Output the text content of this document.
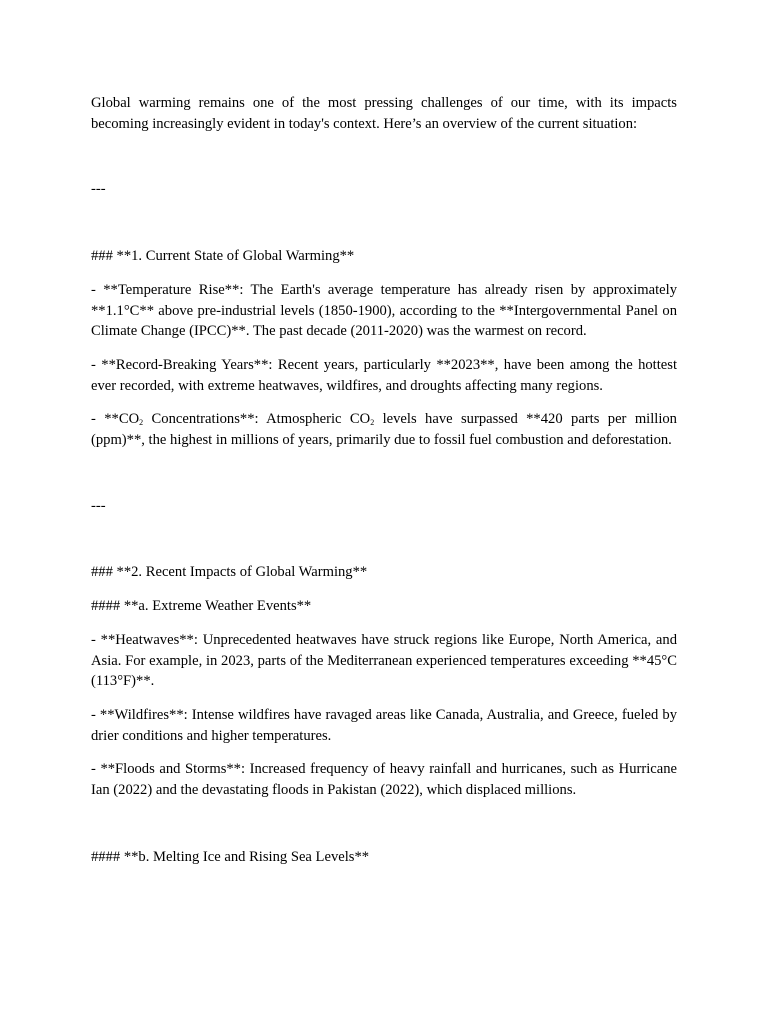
Global warming remains one of the most pressing challenges of our time, with its impacts becoming increasingly evident in today's context. Here’s an overview of the current situation:

---

### **1. Current State of Global Warming**

- **Temperature Rise**: The Earth's average temperature has already risen by approximately **1.1°C** above pre-industrial levels (1850-1900), according to the **Intergovernmental Panel on Climate Change (IPCC)**. The past decade (2011-2020) was the warmest on record.

- **Record-Breaking Years**: Recent years, particularly **2023**, have been among the hottest ever recorded, with extreme heatwaves, wildfires, and droughts affecting many regions.

- $**CO_2$ Concentrations**: Atmospheric $CO_2$ levels have surpassed **420 parts per million (ppm)**, the highest in millions of years, primarily due to fossil fuel combustion and deforestation.

---

### **2. Recent Impacts of Global Warming**

#### **a. Extreme Weather Events**

- **Heatwaves**: Unprecedented heatwaves have struck regions like Europe, North America, and Asia. For example, in 2023, parts of the Mediterranean experienced temperatures exceeding **45°C (113°F)**.

- **Wildfires**: Intense wildfires have ravaged areas like Canada, Australia, and Greece, fueled by drier conditions and higher temperatures.

- **Floods and Storms**: Increased frequency of heavy rainfall and hurricanes, such as Hurricane Ian (2022) and the devastating floods in Pakistan (2022), which displaced millions.

#### **b. Melting Ice and Rising Sea Levels**
